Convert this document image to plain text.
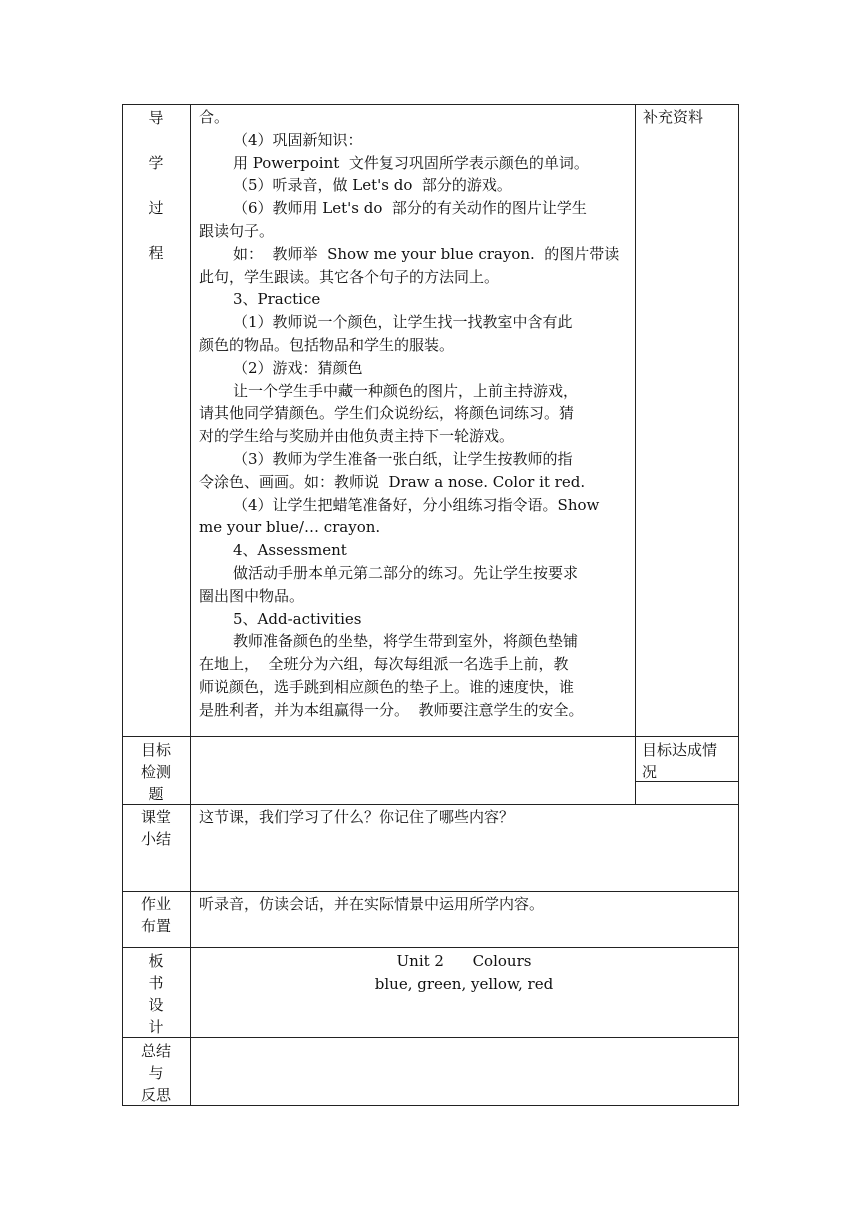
导
学
过
程
合。
（4）巩固新知识：
用 Powerpoint  文件复习巩固所学表示颜色的单词。
（5）听录音，做 Let's do  部分的游戏。
（6）教师用 Let's do  部分的有关动作的图片让学生
跟读句子。
如：  教师举  Show me your blue crayon.  的图片带读
此句，学生跟读。其它各个句子的方法同上。
3、Practice
（1）教师说一个颜色，让学生找一找教室中含有此
颜色的物品。包括物品和学生的服装。
（2）游戏：猜颜色
让一个学生手中藏一种颜色的图片，上前主持游戏，
请其他同学猜颜色。学生们众说纷纭，将颜色词练习。猜
对的学生给与奖励并由他负责主持下一轮游戏。
（3）教师为学生准备一张白纸，让学生按教师的指
令涂色、画画。如：教师说  Draw a nose. Color it red.
（4）让学生把蜡笔准备好，分小组练习指令语。Show
me your blue/… crayon.
4、Assessment
做活动手册本单元第二部分的练习。先让学生按要求
圈出图中物品。
5、Add-activities
教师准备颜色的坐垫，将学生带到室外，将颜色垫铺
在地上，  全班分为六组，每次每组派一名选手上前，教
师说颜色，选手跳到相应颜色的垫子上。谁的速度快，谁
是胜利者，并为本组赢得一分。  教师要注意学生的安全。
补充资料
目标
检测
题
目标达成情
况
课堂
小结
这节课，我们学习了什么？你记住了哪些内容？
作业
布置
听录音，仿读会话，并在实际情景中运用所学内容。
板
书
设
计
Unit 2      Colours
blue, green, yellow, red
总结
与
反思
